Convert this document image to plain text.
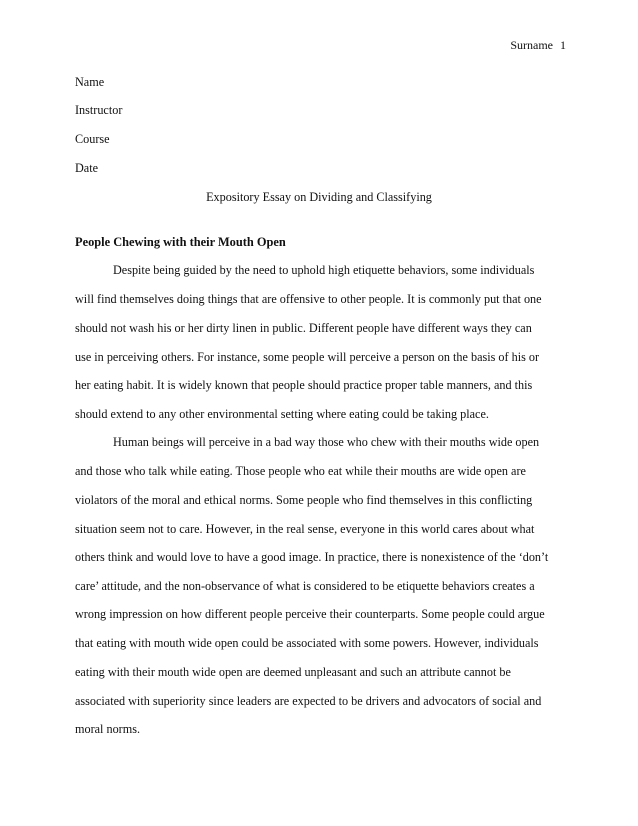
Surname 1
Name
Instructor
Course
Date
Expository Essay on Dividing and Classifying
People Chewing with their Mouth Open
Despite being guided by the need to uphold high etiquette behaviors, some individuals
will find themselves doing things that are offensive to other people. It is commonly put that one
should not wash his or her dirty linen in public. Different people have different ways they can
use in perceiving others. For instance, some people will perceive a person on the basis of his or
her eating habit. It is widely known that people should practice proper table manners, and this
should extend to any other environmental setting where eating could be taking place.
Human beings will perceive in a bad way those who chew with their mouths wide open
and those who talk while eating. Those people who eat while their mouths are wide open are
violators of the moral and ethical norms. Some people who find themselves in this conflicting
situation seem not to care. However, in the real sense, everyone in this world cares about what
others think and would love to have a good image. In practice, there is nonexistence of the ‘don’t
care’ attitude, and the non-observance of what is considered to be etiquette behaviors creates a
wrong impression on how different people perceive their counterparts. Some people could argue
that eating with mouth wide open could be associated with some powers. However, individuals
eating with their mouth wide open are deemed unpleasant and such an attribute cannot be
associated with superiority since leaders are expected to be drivers and advocators of social and
moral norms.
